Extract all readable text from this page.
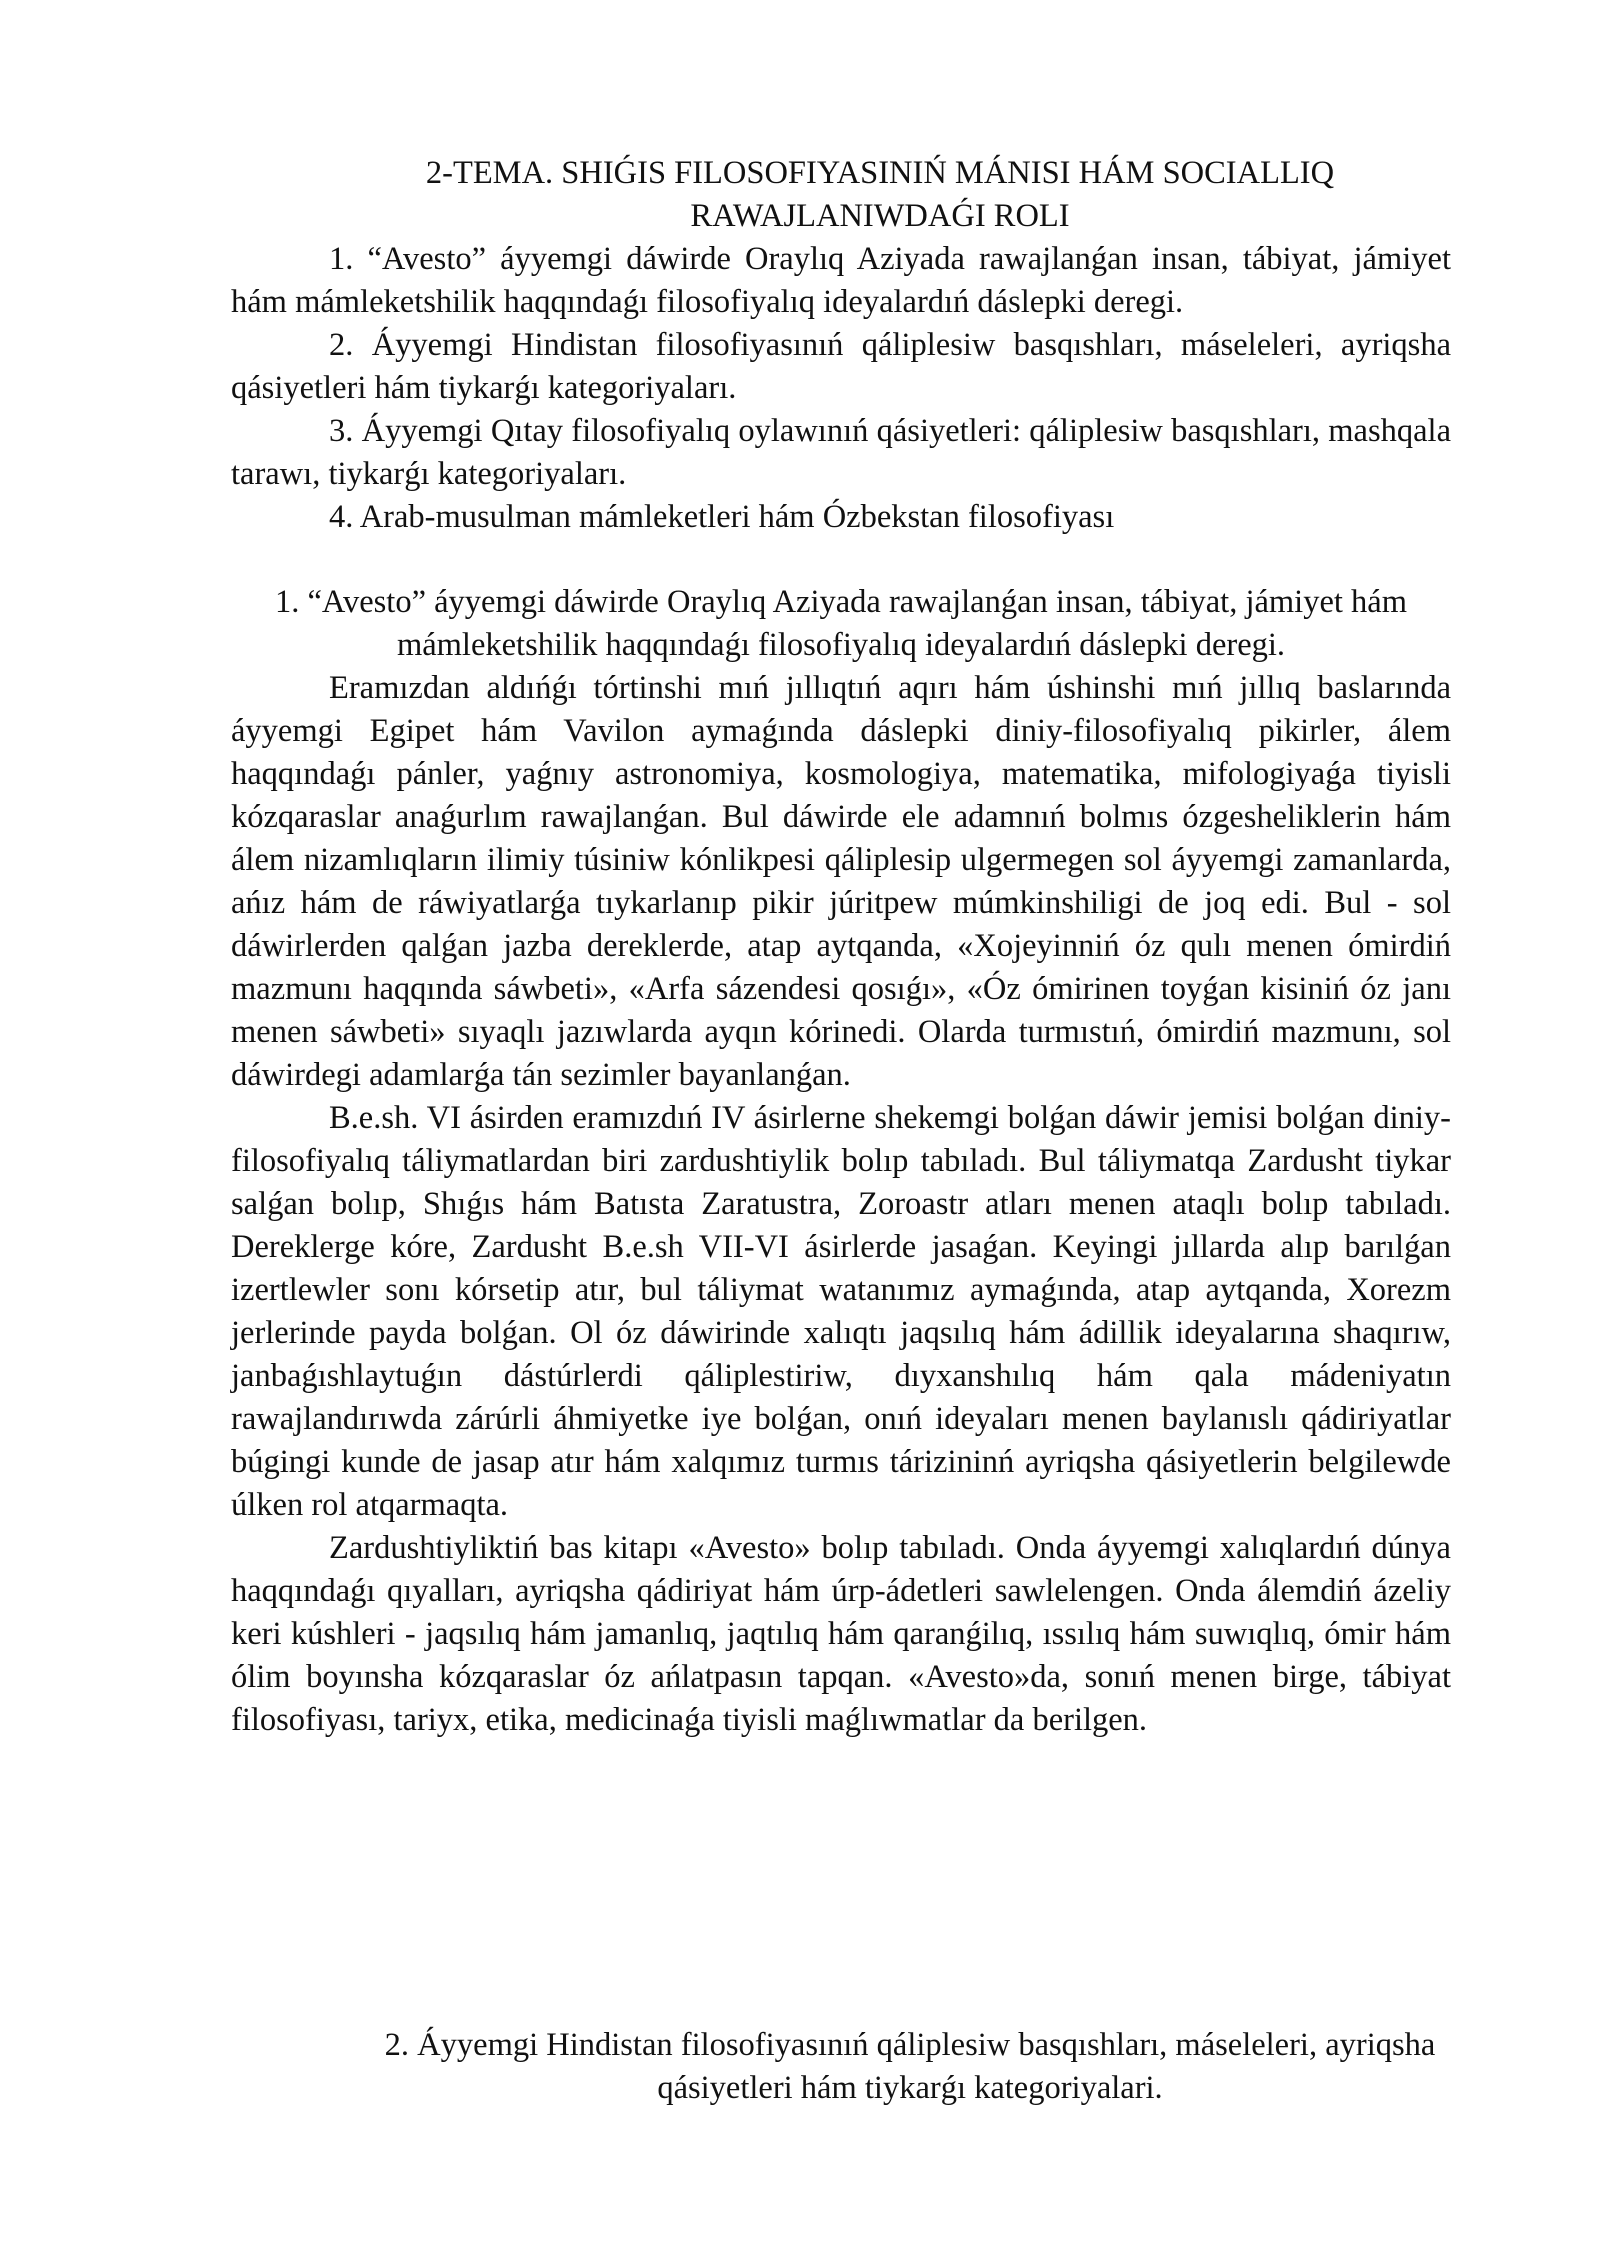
2-TEMA. SHIǴIS FILOSOFIYASINIŃ MÁNISI HÁM SOCIALLIQ RAWAJLANIWDAǴI ROLI
1. “Avesto” áyyemgi dáwirde Oraylıq Aziyada rawajlanǵan insan, tábiyat, jámiyet hám mámleketshilik haqqındaǵı filosofiyalıq ideyalardıń dáslepki deregi.
2. Áyyemgi Hindistan filosofiyasınıń qáliplesiw basqıshları, máseleleri, ayriqsha qásiyetleri hám tiykarǵı kategoriyaları.
3. Áyyemgi Qıtay filosofiyalıq oylawınıń qásiyetleri: qáliplesiw basqıshları, mashqala tarawı, tiykarǵı kategoriyaları.
4. Arab-musulman mámleketleri hám Ózbekstan filosofiyası
1. “Avesto” áyyemgi dáwirde Oraylıq Aziyada rawajlanǵan insan, tábiyat, jámiyet hám mámleketshilik haqqındaǵı filosofiyalıq ideyalardıń dáslepki deregi.

Eramızdan aldıńǵı tórtinshi mıń jıllıqtıń aqırı hám úshinshi mıń jıllıq baslarında áyyemgi Egipet hám Vavilon aymaǵında dáslepki diniy-filosofiyalıq pikirler, álem haqqındaǵı pánler, yaǵnıy astronomiya, kosmologiya, matematika, mifologiyaǵa tiyisli kózqaraslar anaǵurlım rawajlanǵan. Bul dáwirde ele adamnıń bolmıs ózgesheliklerin hám álem nizamlıqların ilimiy túsiniw kónlikpesi qáliplesip ulgermegen sol áyyemgi zamanlarda, ańız hám de ráwiyatlarǵa tıykarlanıp pikir júritpew múmkinshiligi de joq edi. Bul - sol dáwirlerden qalǵan jazba dereklerde, atap aytqanda, «Xojeyinniń óz qulı menen ómirdiń mazmunı haqqında sáwbeti», «Arfa sázendesi qosıǵı», «Óz ómirinen toyǵan kisiniń óz janı menen sáwbeti» sıyaqlı jazıwlarda ayqın kórinedi. Olarda turmıstıń, ómirdiń mazmunı, sol dáwirdegi adamlarǵa tán sezimler bayanlanǵan.

B.e.sh. VI ásirden eramızdıń IV ásirlerne shekemgi bolǵan dáwir jemisi bolǵan diniy-filosofiyalıq táliymatlardan biri zardushtiylik bolıp tabıladı. Bul táliymatqa Zardusht tiykar salǵan bolıp, Shıǵıs hám Batısta Zaratustra, Zoroastr atları menen ataqlı bolıp tabıladı. Dereklerge kóre, Zardusht B.e.sh VII-VI ásirlerde jasaǵan. Keyingi jıllarda alıp barılǵan izertlewler sonı kórsetip atır, bul táliymat watanımız aymaǵında, atap aytqanda, Xorezm jerlerinde payda bolǵan. Ol óz dáwirinde xalıqtı jaqsılıq hám ádillik ideyalarına shaqırıw, janbaǵıshlaytuǵın dástúrlerdi qáliplestiriw, dıyxanshılıq hám qala mádeniyatın rawajlandırıwda zárúrli áhmiyetke iye bolǵan, onıń ideyaları menen baylanıslı qádiriyatlar búgingi kunde de jasap atır hám xalqımız turmıs tárizininń ayriqsha qásiyetlerin belgilewde úlken rol atqarmaqta.

Zardushtiyliktiń bas kitapı «Avesto» bolıp tabıladı. Onda áyyemgi xalıqlardıń dúnya haqqındaǵı qıyalları, ayriqsha qádiriyat hám úrp-ádetleri sawlelengen. Onda álemdiń ázeliy keri kúshleri - jaqsılıq hám jamanlıq, jaqtılıq hám qaranǵilıq, ıssılıq hám suwıqlıq, ómir hám ólim boyınsha kózqaraslar óz ańlatpasın tapqan. «Avesto»da, sonıń menen birge, tábiyat filosofiyası, tariyx, etika, medicinaǵa tiyisli maǵlıwmatlar da berilgen.

2. Áyyemgi Hindistan filosofiyasınıń qáliplesiw basqıshları, máseleleri, ayriqsha qásiyetleri hám tiykarǵı kategoriyalari.
